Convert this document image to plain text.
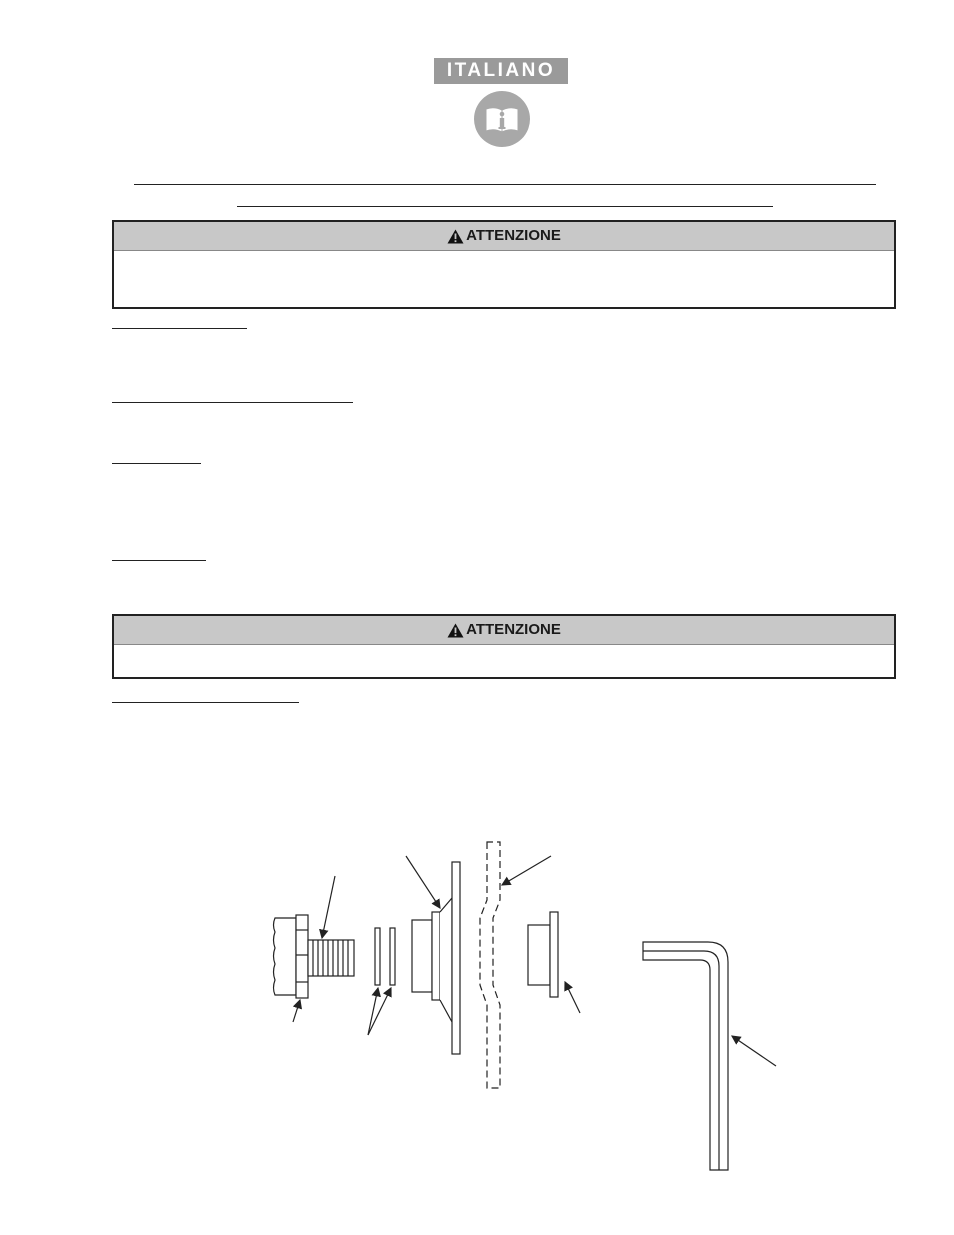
ITALIANO
ATTENZIONE
ATTENZIONE
